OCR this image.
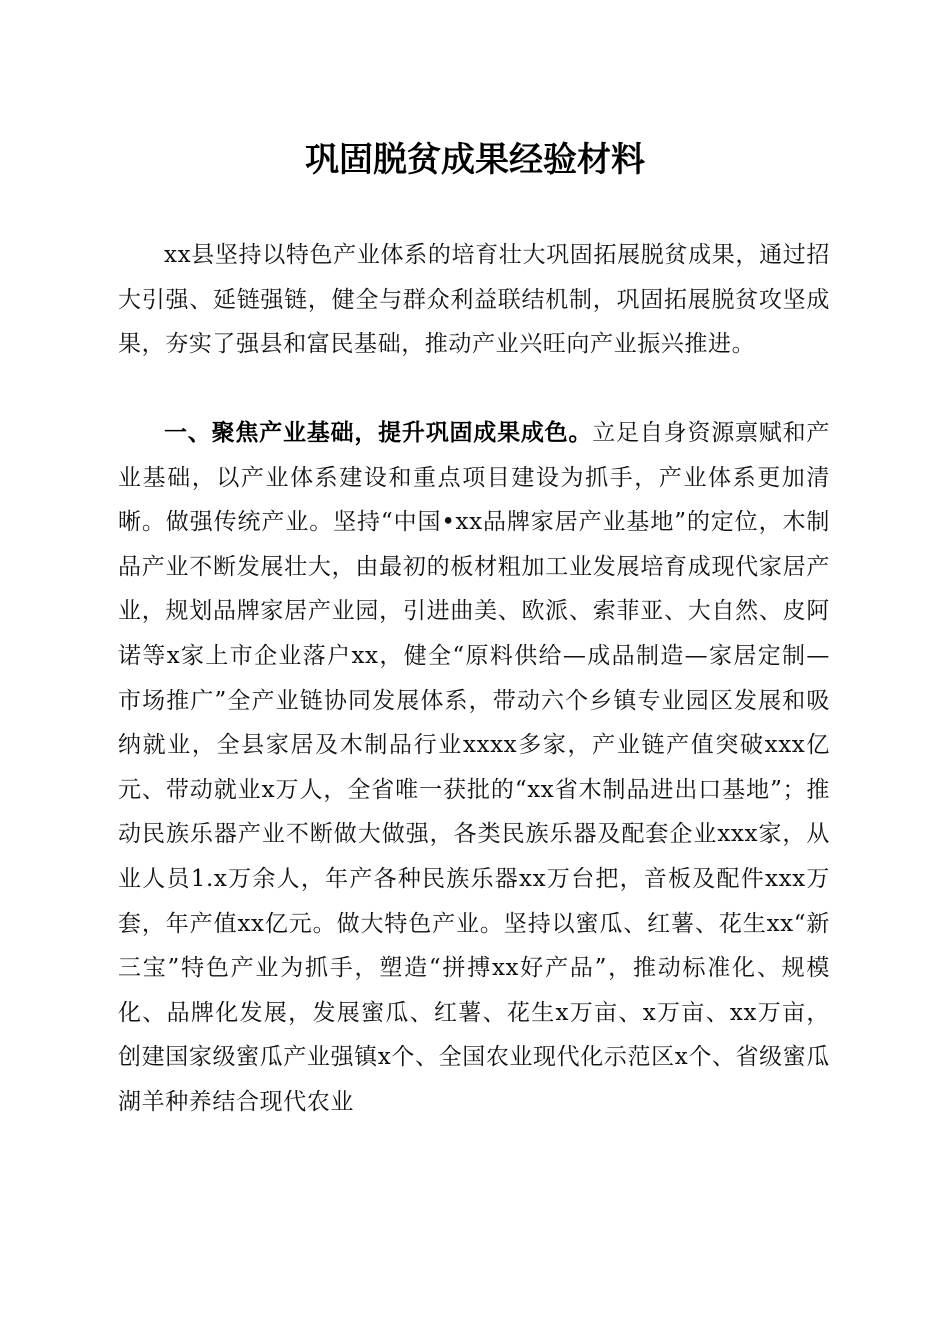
巩固脱贫成果经验材料

xx县坚持以特色产业体系的培育壮大巩固拓展脱贫成果，通过招大引强、延链强链，健全与群众利益联结机制，巩固拓展脱贫攻坚成果，夯实了强县和富民基础，推动产业兴旺向产业振兴推进。

一、聚焦产业基础，提升巩固成果成色。立足自身资源禀赋和产业基础，以产业体系建设和重点项目建设为抓手，产业体系更加清晰。做强传统产业。坚持“中国•xx品牌家居产业基地”的定位，木制品产业不断发展壮大，由最初的板材粗加工业发展培育成现代家居产业，规划品牌家居产业园，引进曲美、欧派、索菲亚、大自然、皮阿诺等x家上市企业落户xx，健全“原料供给—成品制造—家居定制—市场推广”全产业链协同发展体系，带动六个乡镇专业园区发展和吸纳就业，全县家居及木制品行业xxxx多家，产业链产值突破xxx亿元、带动就业x万人，全省唯一获批的“xx省木制品进出口基地”；推动民族乐器产业不断做大做强，各类民族乐器及配套企业xxx家，从业人员1.x万余人，年产各种民族乐器xx万台把，音板及配件xxx万套，年产值xx亿元。做大特色产业。坚持以蜜瓜、红薯、花生xx“新三宝”特色产业为抓手，塑造“拼搏xx好产品”，推动标准化、规模化、品牌化发展，发展蜜瓜、红薯、花生x万亩、x万亩、xx万亩，创建国家级蜜瓜产业强镇x个、全国农业现代化示范区x个、省级蜜瓜湖羊种养结合现代农业
